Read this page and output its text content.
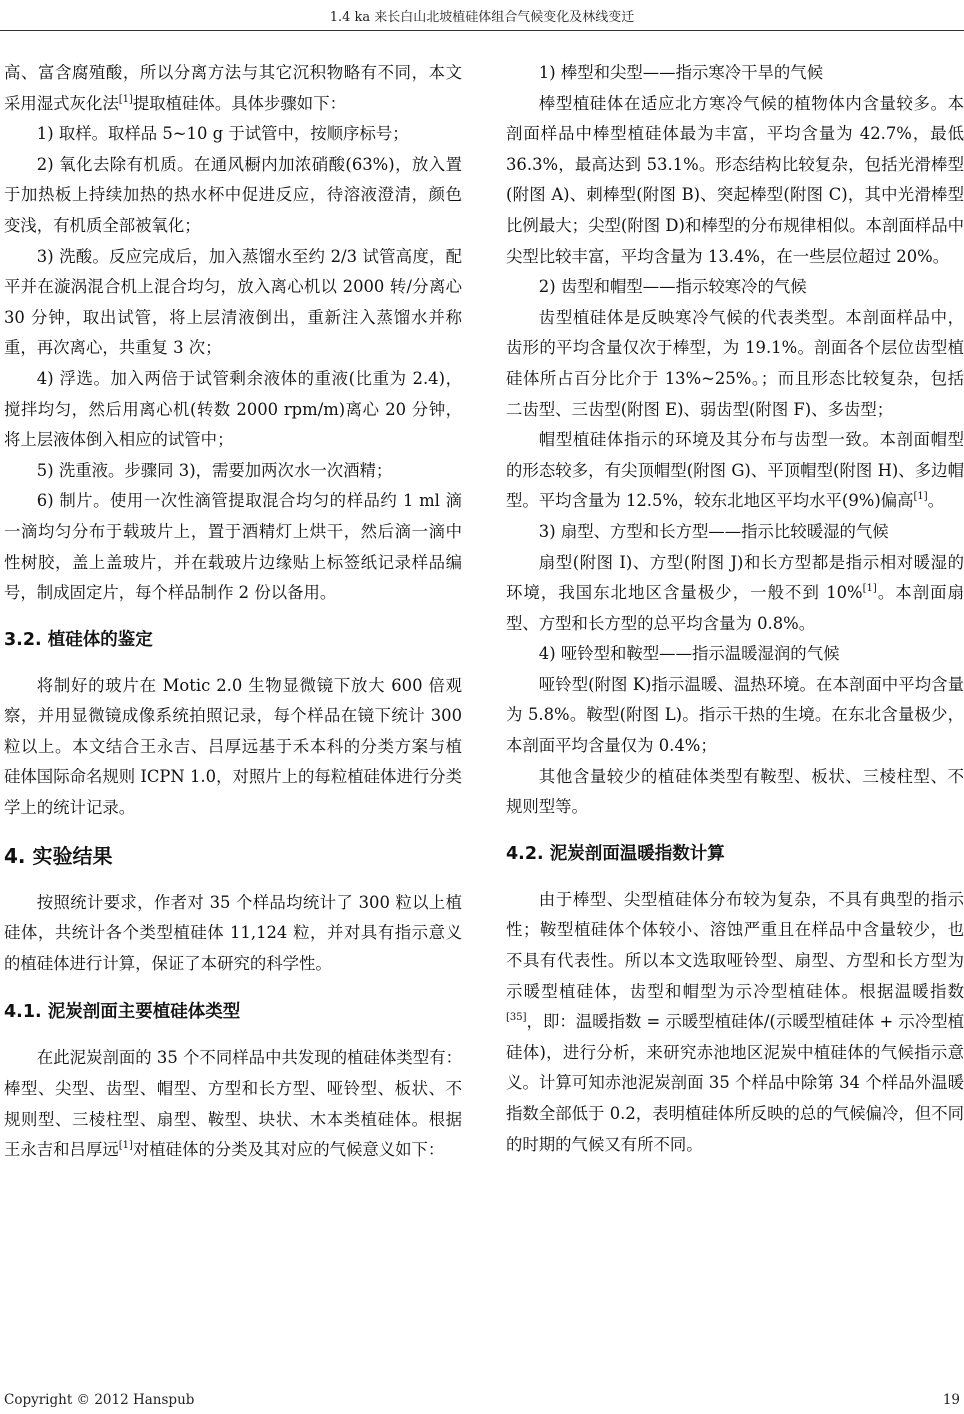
1.4 ka 来长白山北坡植硅体组合气候变化及林线变迁

高、富含腐殖酸，所以分离方法与其它沉积物略有不同，本文采用湿式灰化法[1]提取植硅体。具体步骤如下：

1) 取样。取样品 5~10 g 于试管中，按顺序标号；

2) 氧化去除有机质。在通风橱内加浓硝酸(63%)，放入置于加热板上持续加热的热水杯中促进反应，待溶液澄清，颜色变浅，有机质全部被氧化；

3) 洗酸。反应完成后，加入蒸馏水至约 2/3 试管高度，配平并在漩涡混合机上混合均匀，放入离心机以 2000 转/分离心 30 分钟，取出试管，将上层清液倒出，重新注入蒸馏水并称重，再次离心，共重复 3 次；

4) 浮选。加入两倍于试管剩余液体的重液(比重为 2.4)，搅拌均匀，然后用离心机(转数 2000 rpm/m)离心 20 分钟，将上层液体倒入相应的试管中；

5) 洗重液。步骤同 3)，需要加两次水一次酒精；

6) 制片。使用一次性滴管提取混合均匀的样品约 1 ml 滴一滴均匀分布于载玻片上，置于酒精灯上烘干，然后滴一滴中性树胶，盖上盖玻片，并在载玻片边缘贴上标签纸记录样品编号，制成固定片，每个样品制作 2 份以备用。

3.2. 植硅体的鉴定

将制好的玻片在 Motic 2.0 生物显微镜下放大 600 倍观察，并用显微镜成像系统拍照记录，每个样品在镜下统计 300 粒以上。本文结合王永吉、吕厚远基于禾本科的分类方案与植硅体国际命名规则 ICPN 1.0，对照片上的每粒植硅体进行分类学上的统计记录。

4. 实验结果

按照统计要求，作者对 35 个样品均统计了 300 粒以上植硅体，共统计各个类型植硅体 11,124 粒，并对具有指示意义的植硅体进行计算，保证了本研究的科学性。

4.1. 泥炭剖面主要植硅体类型

在此泥炭剖面的 35 个不同样品中共发现的植硅体类型有：棒型、尖型、齿型、帽型、方型和长方型、哑铃型、板状、不规则型、三棱柱型、扇型、鞍型、块状、木本类植硅体。根据王永吉和吕厚远[1]对植硅体的分类及其对应的气候意义如下：

1) 棒型和尖型——指示寒冷干旱的气候

棒型植硅体在适应北方寒冷气候的植物体内含量较多。本剖面样品中棒型植硅体最为丰富，平均含量为 42.7%，最低 36.3%，最高达到 53.1%。形态结构比较复杂，包括光滑棒型(附图 A)、刺棒型(附图 B)、突起棒型(附图 C)，其中光滑棒型比例最大；尖型(附图 D)和棒型的分布规律相似。本剖面样品中尖型比较丰富，平均含量为 13.4%，在一些层位超过 20%。

2) 齿型和帽型——指示较寒冷的气候

齿型植硅体是反映寒冷气候的代表类型。本剖面样品中，齿形的平均含量仅次于棒型，为 19.1%。剖面各个层位齿型植硅体所占百分比介于 13%~25%。；而且形态比较复杂，包括二齿型、三齿型(附图 E)、弱齿型(附图 F)、多齿型；

帽型植硅体指示的环境及其分布与齿型一致。本剖面帽型的形态较多，有尖顶帽型(附图 G)、平顶帽型(附图 H)、多边帽型。平均含量为 12.5%，较东北地区平均水平(9%)偏高[1]。

3) 扇型、方型和长方型——指示比较暖湿的气候

扇型(附图 I)、方型(附图 J)和长方型都是指示相对暖湿的环境，我国东北地区含量极少，一般不到 10%[1]。本剖面扇型、方型和长方型的总平均含量为 0.8%。

4) 哑铃型和鞍型——指示温暖湿润的气候

哑铃型(附图 K)指示温暖、温热环境。在本剖面中平均含量为 5.8%。鞍型(附图 L)。指示干热的生境。在东北含量极少，本剖面平均含量仅为 0.4%；

其他含量较少的植硅体类型有鞍型、板状、三棱柱型、不规则型等。

4.2. 泥炭剖面温暖指数计算

由于棒型、尖型植硅体分布较为复杂，不具有典型的指示性；鞍型植硅体个体较小、溶蚀严重且在样品中含量较少，也不具有代表性。所以本文选取哑铃型、扇型、方型和长方型为示暖型植硅体，齿型和帽型为示冷型植硅体。根据温暖指数[35]，即：温暖指数 = 示暖型植硅体/(示暖型植硅体 + 示冷型植硅体)，进行分析，来研究赤池地区泥炭中植硅体的气候指示意义。计算可知赤池泥炭剖面 35 个样品中除第 34 个样品外温暖指数全部低于 0.2，表明植硅体所反映的总的气候偏冷，但不同的时期的气候又有所不同。

Copyright © 2012 Hanspub	19
